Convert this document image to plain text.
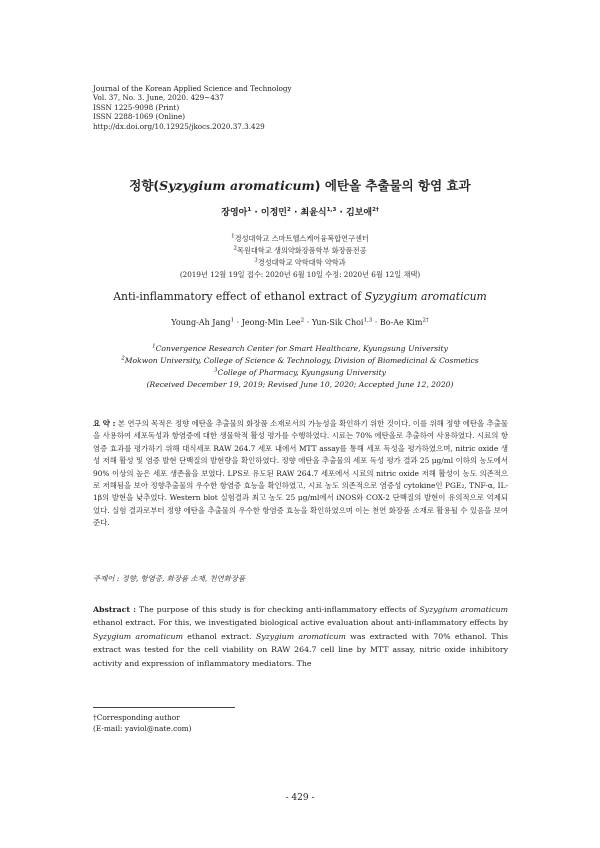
Journal of the Korean Applied Science and Technology
Vol. 37, No. 3. June, 2020. 429~437
ISSN 1225-9098 (Print)
ISSN 2288-1069 (Online)
http://dx.doi.org/10.12925/jkocs.2020.37.3.429
정향(Syzygium aromaticum) 에탄올 추출물의 항염 효과
장영아$^1$ · 이정민$^2$ · 최윤식$^{1,3}$ · 김보애$^{2\dagger}$
$^1$경성대학교 스마트헬스케어융복합연구센터
$^2$목원대학교 생의약화장품학부 화장품전공
$^3$경성대학교 약학대학 약학과
(2019년 12월 19일 접수: 2020년 6월 10일 수정: 2020년 6월 12일 채택)
Anti-inflammatory effect of ethanol extract of Syzygium aromaticum
Young-Ah Jang$^1$ · Jeong-Min Lee$^2$ · Yun-Sik Choi$^{1,3}$ · Bo-Ae Kim$^{2\dagger}$
$^1$Convergence Research Center for Smart Healthcare, Kyungsung University
$^2$Mokwon University, College of Science & Technology, Division of Biomedicinal & Cosmetics
$^3$College of Pharmacy, Kyungsung University
(Received December 19, 2019; Revised June 10, 2020; Accepted June 12, 2020)
요 약 : 본 연구의 목적은 정향 에탄올 추출물의 화장품 소재로서의 가능성을 확인하기 위한 것이다. 이를 위해 정향 에탄올 추출물을 사용하여 세포독성과 항염증에 대한 생물학적 활성 평가를 수행하였다. 시료는 70% 에탄올로 추출하여 사용하였다. 시료의 항염증 효과를 평가하기 위해 대식세포 RAW 264.7 세포 내에서 MTT assay를 통해 세포 독성을 평가하였으며, nitric oxide 생성 저해 활성 및 염증 발현 단백질의 발현량을 확인하였다. 정향 에탄올 추출물의 세포 독성 평가 결과 25 μg/ml 이하의 농도에서 90% 이상의 높은 세포 생존율을 보였다. LPS로 유도된 RAW 264.7 세포에서 시료의 nitric oxide 저해 활성이 농도 의존적으로 저해됨을 보아 정향추출물의 우수한 항염증 효능을 확인하였고, 시료 농도 의존적으로 염증성 cytokine인 PGE₂, TNF-α, IL-1β의 발현을 낮추었다. Western blot 실험결과 최고 농도 25 μg/ml에서 iNOS와 COX-2 단백질의 발현이 유의적으로 억제되었다. 실험 결과로부터 정향 에탄올 추출물의 우수한 항염증 효능을 확인하였으며 이는 천연 화장품 소재로 활용될 수 있음을 보여 준다.
주제어 : 정향, 항염증, 화장품 소재, 천연화장품
Abstract : The purpose of this study is for checking anti-inflammatory effects of Syzygium aromaticum ethanol extract. For this, we investigated biological active evaluation about anti-inflammatory effects by Syzygium aromaticum ethanol extract. Syzygium aromaticum was extracted with 70% ethanol. This extract was tested for the cell viability on RAW 264.7 cell line by MTT assay, nitric oxide inhibitory activity and expression of inflammatory mediators. The
†Corresponding author
(E-mail: yaviol@nate.com)
- 429 -
